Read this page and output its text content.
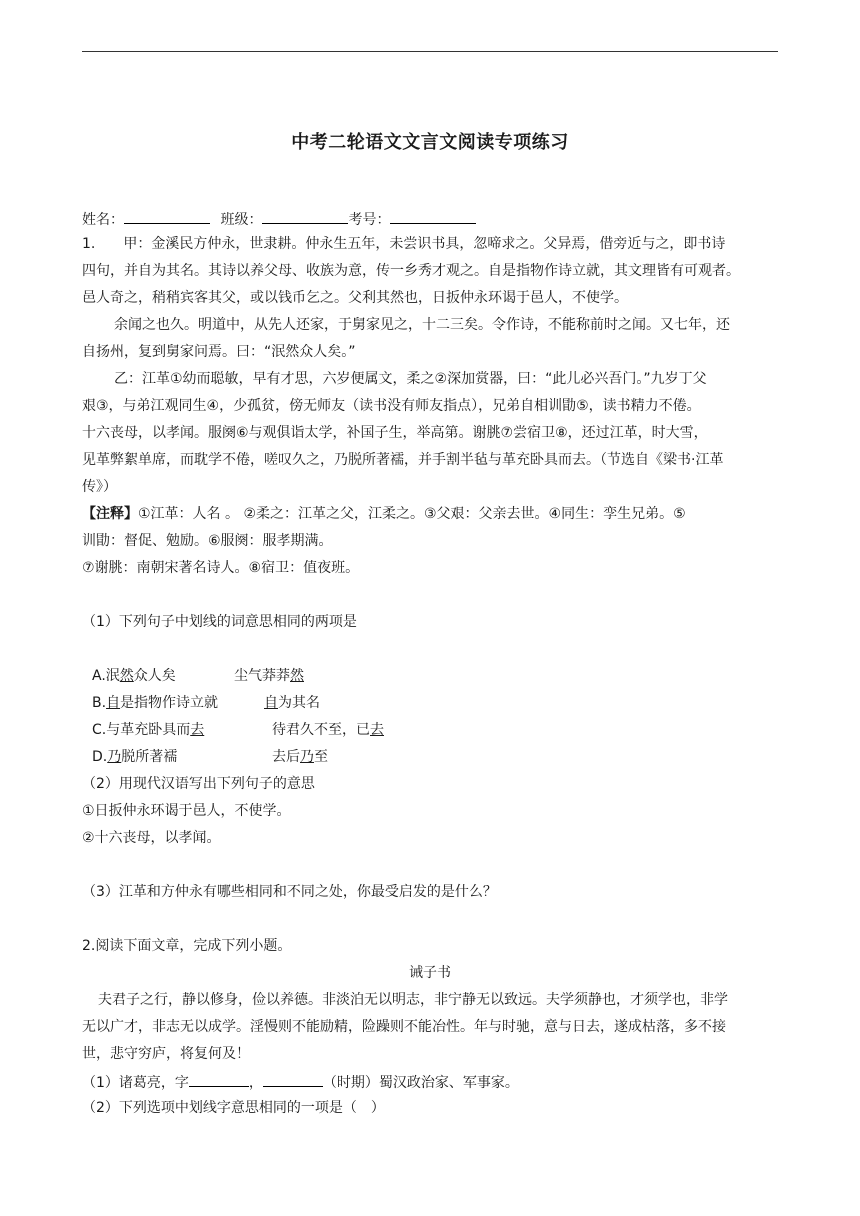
中考二轮语文文言文阅读专项练习
姓名：	班级：	考号：
1.　　甲：金溪民方仲永，世隶耕。仲永生五年，未尝识书具，忽啼求之。父异焉，借旁近与之，即书诗
四句，并自为其名。其诗以养父母、收族为意，传一乡秀才观之。自是指物作诗立就，其文理皆有可观者。
邑人奇之，稍稍宾客其父，或以钱币乞之。父利其然也，日扳仲永环谒于邑人，不使学。
余闻之也久。明道中，从先人还家，于舅家见之，十二三矣。令作诗，不能称前时之闻。又七年，还
自扬州，复到舅家问焉。曰：“泯然众人矣。”
乙：江革①幼而聪敏，早有才思，六岁便属文，柔之②深加赏器，曰：“此儿必兴吾门。”九岁丁父
艰③，与弟江观同生④，少孤贫，傍无师友（读书没有师友指点），兄弟自相训勖⑤，读书精力不倦。
十六丧母，以孝闻。服阕⑥与观俱诣太学，补国子生，举高第。谢朓⑦尝宿卫⑧，还过江革，时大雪，
见革弊絮单席，而耽学不倦，嗟叹久之，乃脱所著襦，并手割半毡与革充卧具而去。（节选自《梁书·江革
传》）
【注释】①江革：人名 。 ②柔之：江革之父，江柔之。③父艰：父亲去世。④同生：孪生兄弟。⑤
训勖：督促、勉励。⑥服阕：服孝期满。
⑦谢朓：南朝宋著名诗人。⑧宿卫：值夜班。
（1）下列句子中划线的词意思相同的两项是
A.泯然众人矣	尘气莽莽然
B.自是指物作诗立就	自为其名
C.与革充卧具而去	待君久不至，已去
D.乃脱所著襦	去后乃至
（2）用现代汉语写出下列句子的意思
①日扳仲永环谒于邑人，不使学。
②十六丧母，以孝闻。
（3）江革和方仲永有哪些相同和不同之处，你最受启发的是什么？
2.阅读下面文章，完成下列小题。
诫子书
夫君子之行，静以修身，俭以养德。非淡泊无以明志，非宁静无以致远。夫学须静也，才须学也，非学
无以广才，非志无以成学。淫慢则不能励精，险躁则不能冶性。年与时驰，意与日去，遂成枯落，多不接
世，悲守穷庐，将复何及！
（1）诸葛亮，字	，	（时期）蜀汉政治家、军事家。
（2）下列选项中划线字意思相同的一项是（　）
